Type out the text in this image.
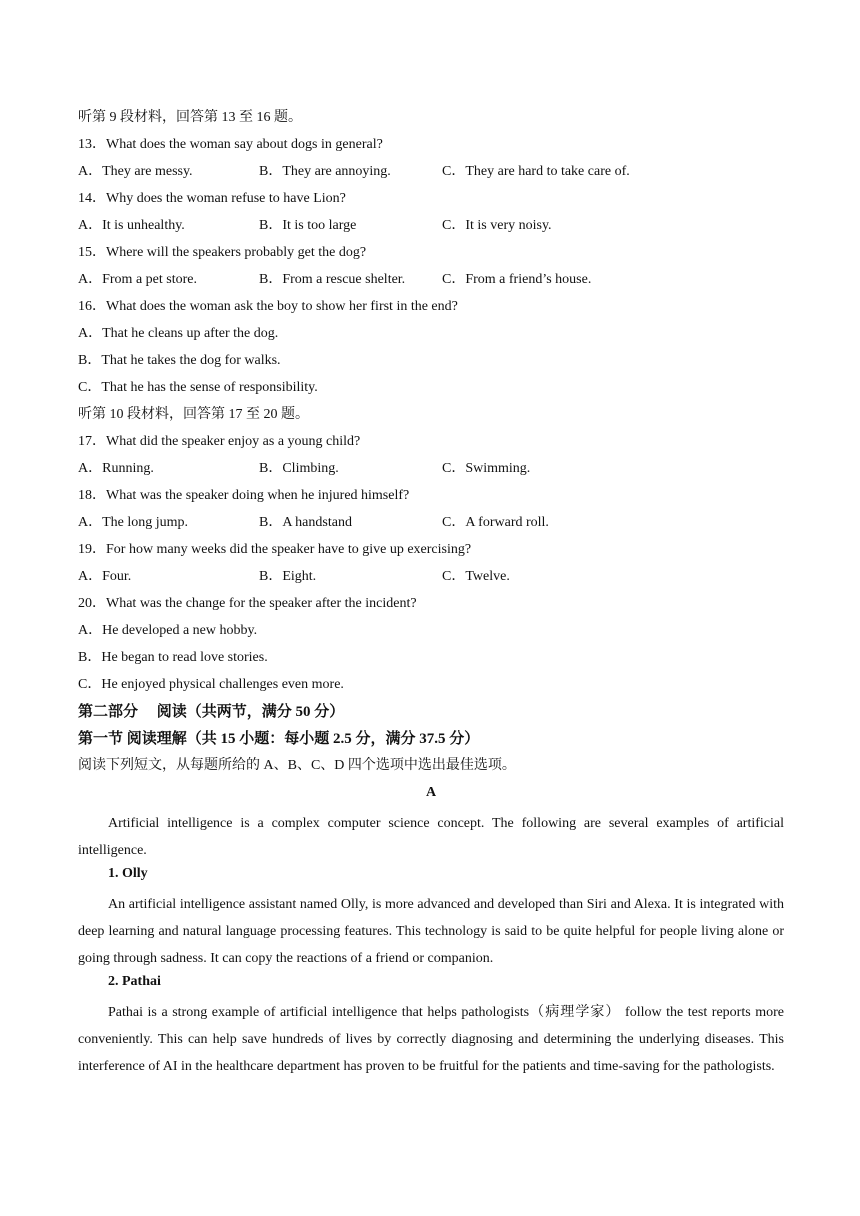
听第 9 段材料，回答第 13 至 16 题。
13．What does the woman say about dogs in general?
A．They are messy.	B．They are annoying.	C．They are hard to take care of.
14．Why does the woman refuse to have Lion?
A．It is unhealthy.	B．It is too large	C．It is very noisy.
15．Where will the speakers probably get the dog?
A．From a pet store.	B．From a rescue shelter.	C．From a friend’s house.
16．What does the woman ask the boy to show her first in the end?
A．That he cleans up after the dog.
B．That he takes the dog for walks.
C．That he has the sense of responsibility.
听第 10 段材料，回答第 17 至 20 题。
17．What did the speaker enjoy as a young child?
A．Running.	B．Climbing.	C．Swimming.
18．What was the speaker doing when he injured himself?
A．The long jump.	B．A handstand	C．A forward roll.
19．For how many weeks did the speaker have to give up exercising?
A．Four.	B．Eight.	C．Twelve.
20．What was the change for the speaker after the incident?
A．He developed a new hobby.
B．He began to read love stories.
C．He enjoyed physical challenges even more.
第二部分　 阅读（共两节，满分 50 分）
第一节 阅读理解（共 15 小题：每小题 2.5 分，满分 37.5 分）
阅读下列短文，从每题所给的 A、B、C、D 四个选项中选出最佳选项。
A

Artificial intelligence is a complex computer science concept. The following are several examples of artificial intelligence.

1. Olly

An artificial intelligence assistant named Olly, is more advanced and developed than Siri and Alexa. It is integrated with deep learning and natural language processing features. This technology is said to be quite helpful for people living alone or going through sadness. It can copy the reactions of a friend or companion.

2. Pathai

Pathai is a strong example of artificial intelligence that helps pathologists（病理学家） follow the test reports more conveniently. This can help save hundreds of lives by correctly diagnosing and determining the underlying diseases. This interference of AI in the healthcare department has proven to be fruitful for the patients and time-saving for the pathologists.
